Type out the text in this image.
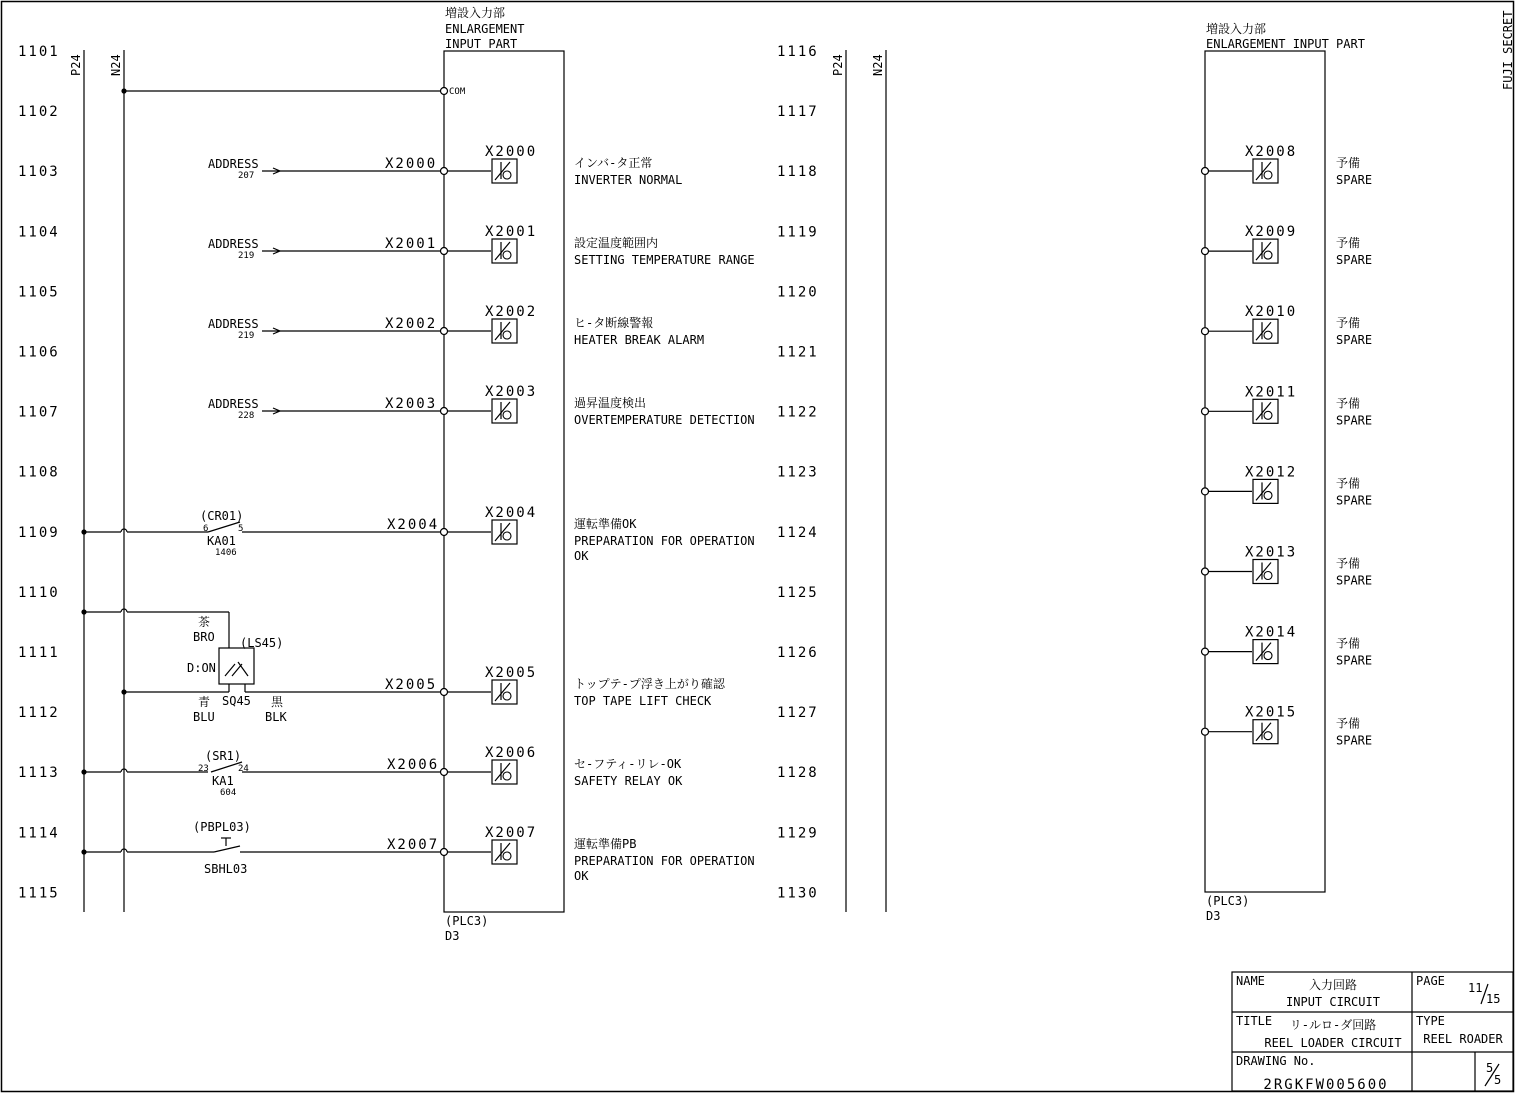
FUJI SECRET
1101
1102
1103
1104
1105
1106
1107
1108
1109
1110
1111
1112
1113
1114
1115
1116
1117
1118
1119
1120
1121
1122
1123
1124
1125
1126
1127
1128
1129
1130
P24 N24	P24 N24
増設入力部
ENLARGEMENT
INPUT PART
(PLC3)
D3
COM
増設入力部
ENLARGEMENT INPUT PART
(PLC3)
D3
ADDRESS
207
X2000
X2000
インバ-タ正常
INVERTER NORMAL
ADDRESS
219
X2001
X2001
設定温度範囲内
SETTING TEMPERATURE RANGE
ADDRESS
219
X2002
X2002
ヒ-タ断線警報
HEATER BREAK ALARM
ADDRESS
228
X2003
X2003
過昇温度検出
OVERTEMPERATURE DETECTION
X2004
X2004
運転準備OK
PREPARATION FOR OPERATION
OK
X2005
X2005
トップテ-プ浮き上がり確認
TOP TAPE LIFT CHECK
X2006
X2006
セ-フティ-リレ-OK
SAFETY RELAY OK
X2007
X2007
運転準備PB
PREPARATION FOR OPERATION
OK
X2008
予備
SPARE
X2009
予備
SPARE
X2010
予備
SPARE
X2011
予備
SPARE
X2012
予備
SPARE
X2013
予備
SPARE
X2014
予備
SPARE
X2015
予備
SPARE
(CR01)
6	5
KA01
1406
茶
BRO (LS45)
D:ON
SQ45
青
BLU
黒
BLK
(SR1)
23	24
KA1
604
(PBPL03)
SBHL03
NAME	入力回路
INPUT CIRCUIT
PAGE 11
15
TITLE リ-ルロ-ダ回路
REEL LOADER CIRCUIT
TYPE
REEL ROADER
DRAWING No.
2RGKFW005600
5
5
